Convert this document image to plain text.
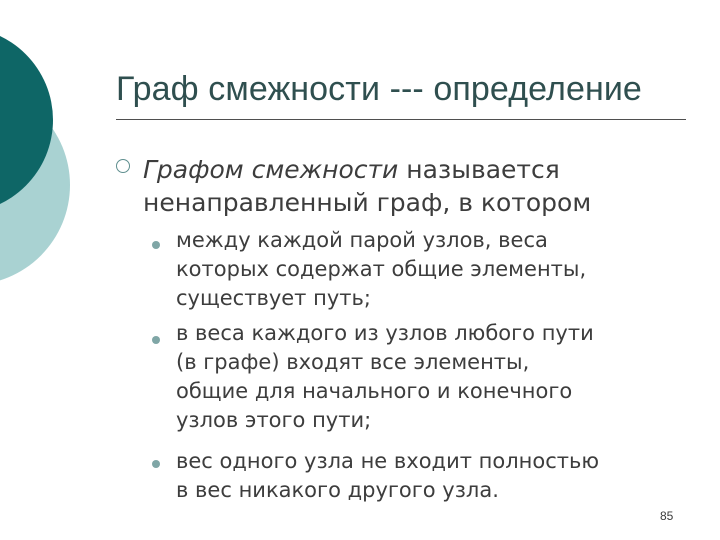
Граф смежности --- определение
Графом смежности называется
ненаправленный граф, в котором
между каждой парой узлов, веса
которых содержат общие элементы,
существует путь;
в веса каждого из узлов любого пути
(в графе) входят все элементы,
общие для начального и конечного
узлов этого пути;
вес одного узла не входит полностью
в вес никакого другого узла.
85
